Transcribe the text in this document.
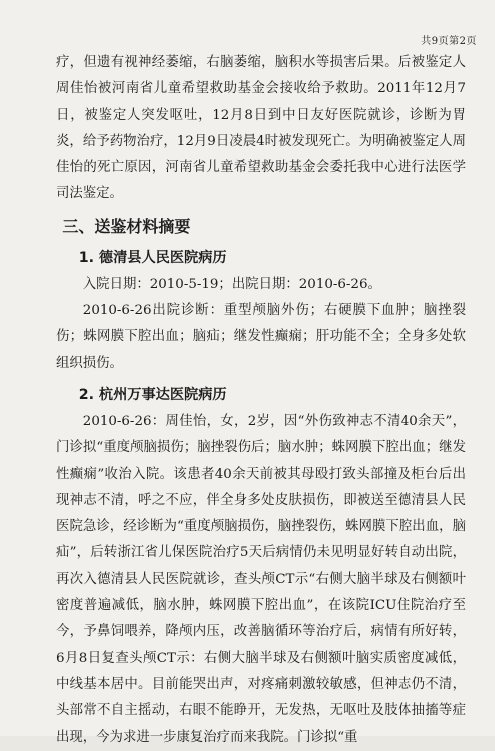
共9页第2页

疗，但遗有视神经萎缩，右脑萎缩，脑积水等损害后果。后被鉴定人周佳怡被河南省儿童希望救助基金会接收给予救助。2011年12月7日，被鉴定人突发呕吐，12月8日到中日友好医院就诊，诊断为胃炎，给予药物治疗，12月9日凌晨4时被发现死亡。为明确被鉴定人周佳怡的死亡原因，河南省儿童希望救助基金会委托我中心进行法医学司法鉴定。

三、送鉴材料摘要
1. 德清县人民医院病历

入院日期：2010-5-19；出院日期：2010-6-26。

2010-6-26出院诊断：重型颅脑外伤；右硬膜下血肿；脑挫裂伤；蛛网膜下腔出血；脑疝；继发性癫痫；肝功能不全；全身多处软组织损伤。

2. 杭州万事达医院病历

2010-6-26：周佳怡，女，2岁，因“外伤致神志不清40余天”，门诊拟“重度颅脑损伤；脑挫裂伤后；脑水肿；蛛网膜下腔出血；继发性癫痫”收治入院。该患者40余天前被其母殴打致头部撞及柜台后出现神志不清，呼之不应，伴全身多处皮肤损伤，即被送至德清县人民医院急诊，经诊断为“重度颅脑损伤，脑挫裂伤，蛛网膜下腔出血，脑疝”，后转浙江省儿保医院治疗5天后病情仍未见明显好转自动出院，再次入德清县人民医院就诊，查头颅CT示“右侧大脑半球及右侧额叶密度普遍减低，脑水肿，蛛网膜下腔出血”，在该院ICU住院治疗至今，予鼻饲喂养，降颅内压，改善脑循环等治疗后，病情有所好转，6月8日复查头颅CT示：右侧大脑半球及右侧额叶脑实质密度减低，中线基本居中。目前能哭出声，对疼痛刺激较敏感，但神志仍不清，头部常不自主摇动，右眼不能睁开，无发热，无呕吐及肢体抽搐等症出现，今为求进一步康复治疗而来我院。门诊拟“重
